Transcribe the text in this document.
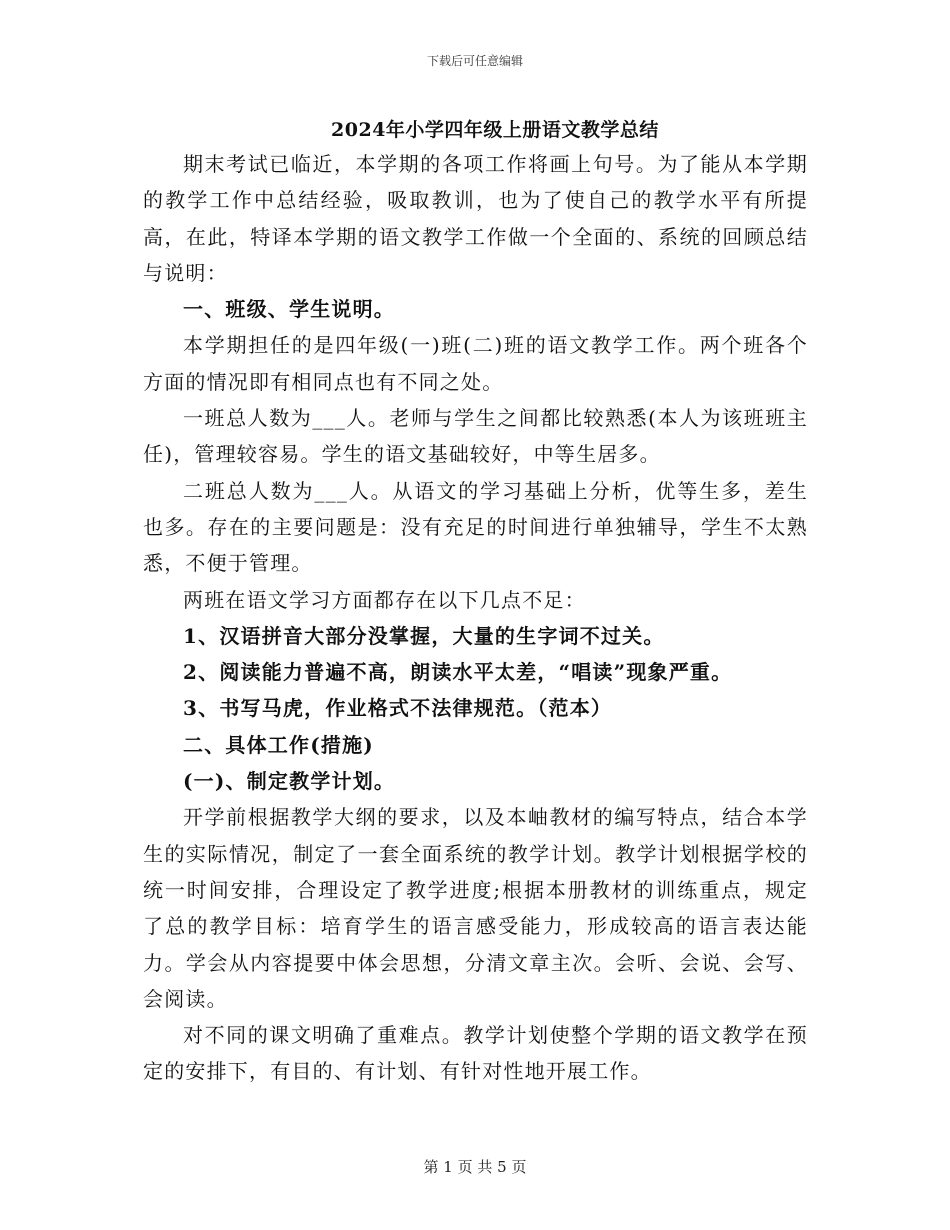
下载后可任意编辑
2024年小学四年级上册语文教学总结

期末考试已临近，本学期的各项工作将画上句号。为了能从本学期的教学工作中总结经验，吸取教训，也为了使自己的教学水平有所提高，在此，特译本学期的语文教学工作做一个全面的、系统的回顾总结与说明：

一、班级、学生说明。

本学期担任的是四年级(一)班(二)班的语文教学工作。两个班各个方面的情况即有相同点也有不同之处。

一班总人数为___人。老师与学生之间都比较熟悉(本人为该班班主任)，管理较容易。学生的语文基础较好，中等生居多。

二班总人数为___人。从语文的学习基础上分析，优等生多，差生也多。存在的主要问题是：没有充足的时间进行单独辅导，学生不太熟悉，不便于管理。

两班在语文学习方面都存在以下几点不足：

1、汉语拼音大部分没掌握，大量的生字词不过关。

2、阅读能力普遍不高，朗读水平太差，“唱读”现象严重。

3、书写马虎，作业格式不法律规范。（范本）

二、具体工作(措施)

(一)、制定教学计划。

开学前根据教学大纲的要求，以及本岫教材的编写特点，结合本学生的实际情况，制定了一套全面系统的教学计划。教学计划根据学校的统一时间安排，合理设定了教学进度;根据本册教材的训练重点，规定了总的教学目标：培育学生的语言感受能力，形成较高的语言表达能力。学会从内容提要中体会思想，分清文章主次。会听、会说、会写、会阅读。

对不同的课文明确了重难点。教学计划使整个学期的语文教学在预定的安排下，有目的、有计划、有针对性地开展工作。

第 1 页 共 5 页
